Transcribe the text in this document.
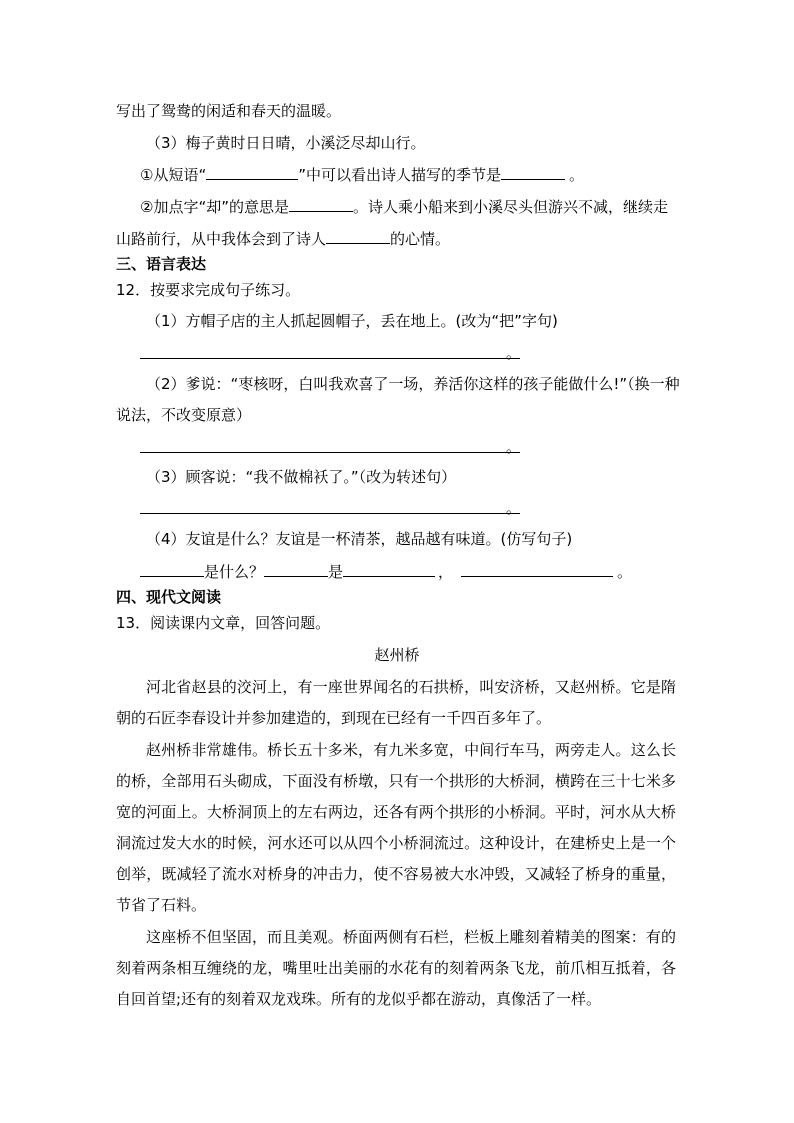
写出了鸳鸯的闲适和春天的温暖。
（3）梅子黄时日日晴，小溪泛尽却山行。
①从短语“	”中可以看出诗人描写的季节是	。
②加点字“却”的意思是	。诗人乘小船来到小溪尽头但游兴不减，继续走
山路前行，从中我体会到了诗人	的心情。
三、语言表达
12．按要求完成句子练习。
（1）方帽子店的主人抓起圆帽子，丢在地上。(改为“把”字句)
。
（2）爹说：“枣核呀，白叫我欢喜了一场，养活你这样的孩子能做什么!”（换一种
说法，不改变原意）
。
（3）顾客说：“我不做棉袄了。”（改为转述句）
。
（4）友谊是什么？友谊是一杯清茶，越品越有味道。(仿写句子)
是什么？	是	，	。
四、现代文阅读
13．阅读课内文章，回答问题。
赵州桥
河北省赵县的洨河上，有一座世界闻名的石拱桥，叫安济桥，又赵州桥。它是隋朝的石匠李春设计并参加建造的，到现在已经有一千四百多年了。
赵州桥非常雄伟。桥长五十多米，有九米多宽，中间行车马，两旁走人。这么长的桥，全部用石头砌成，下面没有桥墩，只有一个拱形的大桥洞，横跨在三十七米多宽的河面上。大桥洞顶上的左右两边，还各有两个拱形的小桥洞。平时，河水从大桥洞流过发大水的时候，河水还可以从四个小桥洞流过。这种设计，在建桥史上是一个创举，既减轻了流水对桥身的冲击力，使不容易被大水冲毁，又减轻了桥身的重量，节省了石料。
这座桥不但坚固，而且美观。桥面两侧有石栏，栏板上雕刻着精美的图案：有的刻着两条相互缠绕的龙，嘴里吐出美丽的水花有的刻着两条飞龙，前爪相互抵着，各自回首望;还有的刻着双龙戏珠。所有的龙似乎都在游动，真像活了一样。
